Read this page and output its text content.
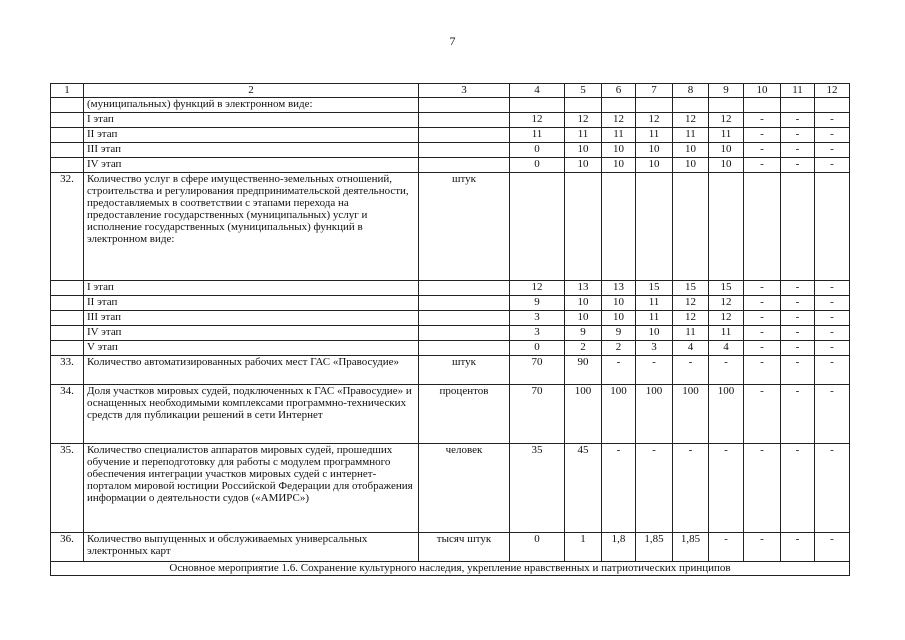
7
1	2	3	4	5	6	7	8	9	10	11	12
	(муниципальных) функций в электронном виде:										
	I этап		12	12	12	12	12	12	-	-	-
	II этап		11	11	11	11	11	11	-	-	-
	III этап		0	10	10	10	10	10	-	-	-
	IV этап		0	10	10	10	10	10	-	-	-
32.	Количество услуг в сфере имущественно-земельных отношений, строительства и регулирования предпринимательской деятельности, предоставляемых в соответствии с этапами перехода на предоставление государственных (муниципальных) услуг и исполнение государственных (муниципальных) функций в электронном виде:	штук									
	I этап		12	13	13	15	15	15	-	-	-
	II этап		9	10	10	11	12	12	-	-	-
	III этап		3	10	10	11	12	12	-	-	-
	IV этап		3	9	9	10	11	11	-	-	-
	V этап		0	2	2	3	4	4	-	-	-
33.	Количество автоматизированных рабочих мест ГАС «Правосудие»	штук	70	90	-	-	-	-	-	-	-
34.	Доля участков мировых судей, подключенных к ГАС «Правосудие» и оснащенных необходимыми комплексами программно-технических средств для публикации решений в сети Интернет	процентов	70	100	100	100	100	100	-	-	-
35.	Количество специалистов аппаратов мировых судей, прошедших обучение и переподготовку для работы с модулем программного обеспечения интеграции участков мировых судей с интернет-порталом мировой юстиции Российской Федерации для отображения информации о деятельности судов («АМИРС»)	человек	35	45	-	-	-	-	-	-	-
36.	Количество выпущенных и обслуживаемых универсальных электронных карт	тысяч штук	0	1	1,8	1,85	1,85	-	-	-	-
Основное мероприятие 1.6. Сохранение культурного наследия, укрепление нравственных и патриотических принципов											
